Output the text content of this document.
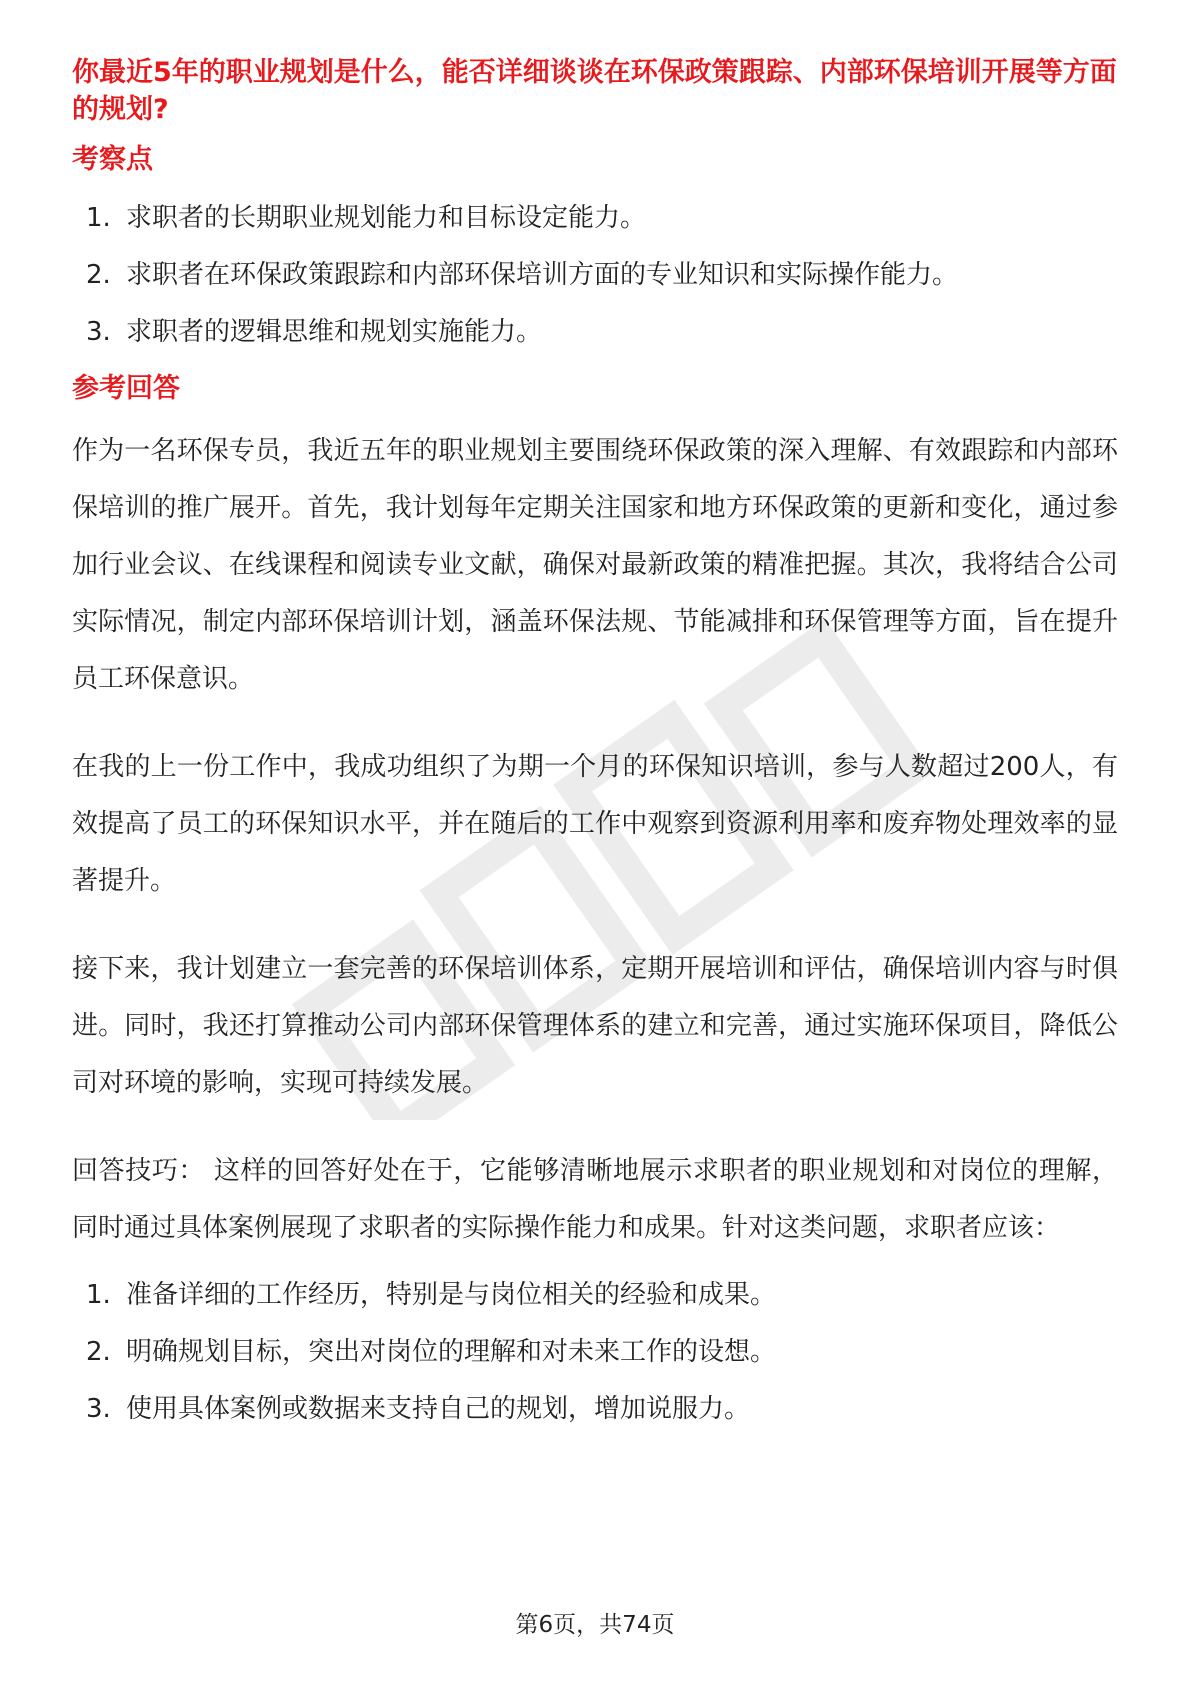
你最近5年的职业规划是什么，能否详细谈谈在环保政策跟踪、内部环保培训开展等方面的规划?

考察点

1. 求职者的长期职业规划能力和目标设定能力。
2. 求职者在环保政策跟踪和内部环保培训方面的专业知识和实际操作能力。
3. 求职者的逻辑思维和规划实施能力。

参考回答

作为一名环保专员，我近五年的职业规划主要围绕环保政策的深入理解、有效跟踪和内部环保培训的推广展开。首先，我计划每年定期关注国家和地方环保政策的更新和变化，通过参加行业会议、在线课程和阅读专业文献，确保对最新政策的精准把握。其次，我将结合公司实际情况，制定内部环保培训计划，涵盖环保法规、节能减排和环保管理等方面，旨在提升员工环保意识。

在我的上一份工作中，我成功组织了为期一个月的环保知识培训，参与人数超过200人，有效提高了员工的环保知识水平，并在随后的工作中观察到资源利用率和废弃物处理效率的显著提升。

接下来，我计划建立一套完善的环保培训体系，定期开展培训和评估，确保培训内容与时俱进。同时，我还打算推动公司内部环保管理体系的建立和完善，通过实施环保项目，降低公司对环境的影响，实现可持续发展。

回答技巧： 这样的回答好处在于，它能够清晰地展示求职者的职业规划和对岗位的理解，同时通过具体案例展现了求职者的实际操作能力和成果。针对这类问题，求职者应该：

1. 准备详细的工作经历，特别是与岗位相关的经验和成果。
2. 明确规划目标，突出对岗位的理解和对未来工作的设想。
3. 使用具体案例或数据来支持自己的规划，增加说服力。
第6页，共74页
